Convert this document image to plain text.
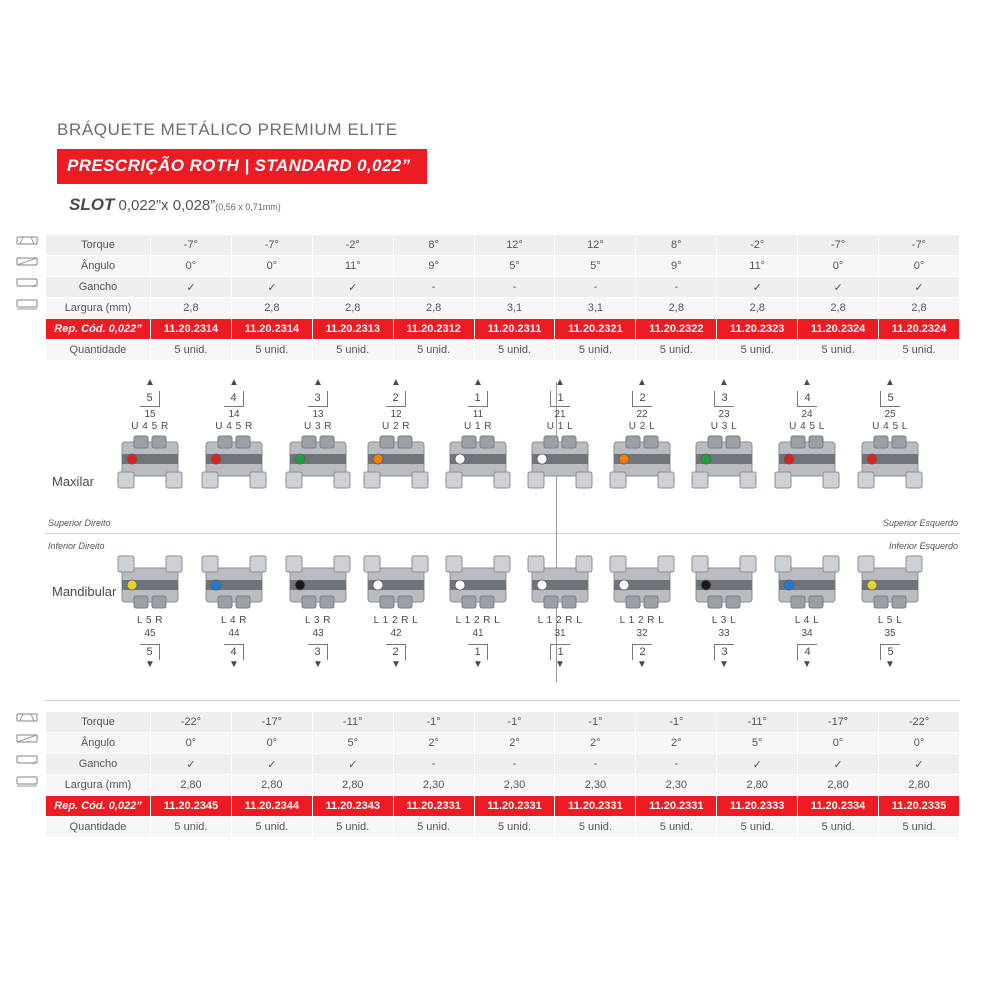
BRÁQUETE METÁLICO PREMIUM ELITE
PRESCRIÇÃO ROTH | STANDARD 0,022”
SLOT 0,022”x 0,028”(0,56 x 0,71mm)
Torque	-7°	-7°	-2°	8°	12°	12°	8°	-2°	-7°	-7°
Ângulo	0°	0°	11°	9°	5°	5°	9°	11°	0°	0°
Gancho	✓	✓	✓	-	-	-	-	✓	✓	✓
Largura (mm)	2,8	2,8	2,8	2,8	3,1	3,1	2,8	2,8	2,8	2,8
Rep. Cód. 0,022”	11.20.2314	11.20.2314	11.20.2313	11.20.2312	11.20.2311	11.20.2321	11.20.2322	11.20.2323	11.20.2324	11.20.2324
Quantidade	5 unid.	5 unid.	5 unid.	5 unid.	5 unid.	5 unid.	5 unid.	5 unid.	5 unid.	5 unid.
Maxilar
Mandibular
Superior Direito	Superior Esquerdo
Inferior Direito	Inferior Esquerdo
▲
5
15
U 4 5 R
▲
4
14
U 4 5 R
▲
3
13
U 3 R
▲
2
12
U 2 R
▲
1
11
U 1 R
▲
1
21
U 1 L
▲
2
22
U 2 L
▲
3
23
U 3 L
▲
4
24
U 4 5 L
▲
5
25
U 4 5 L
L 5 R
45
5
▼
L 4 R
44
4
▼
L 3 R
43
3
▼
L 1 2 R L
42
2
▼
L 1 2 R L
41
1
▼
L 1 2 R L
31
1
▼
L 1 2 R L
32
2
▼
L 3 L
33
3
▼
L 4 L
34
4
▼
L 5 L
35
5
▼
Torque	-22°	-17°	-11°	-1°	-1°	-1°	-1°	-11°	-17°	-22°
Ângulo	0°	0°	5°	2°	2°	2°	2°	5°	0°	0°
Gancho	✓	✓	✓	-	-	-	-	✓	✓	✓
Largura (mm)	2,80	2,80	2,80	2,30	2,30	2,30	2,30	2,80	2,80	2,80
Rep. Cód. 0,022”	11.20.2345	11.20.2344	11.20.2343	11.20.2331	11.20.2331	11.20.2331	11.20.2331	11.20.2333	11.20.2334	11.20.2335
Quantidade	5 unid.	5 unid.	5 unid.	5 unid.	5 unid.	5 unid.	5 unid.	5 unid.	5 unid.	5 unid.
